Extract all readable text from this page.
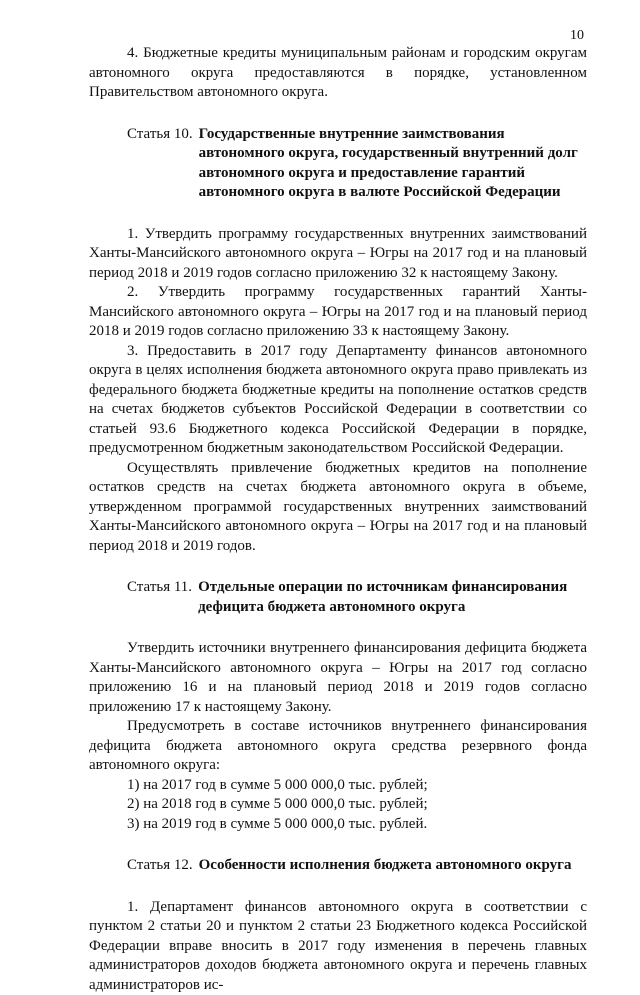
10

4. Бюджетные кредиты муниципальным районам и городским округам автономного округа предоставляются в порядке, установленном Правительством автономного округа.

Статья 10. Государственные внутренние заимствования автономного округа, государственный внутренний долг автономного округа и предоставление гарантий автономного округа в валюте Российской Федерации

1. Утвердить программу государственных внутренних заимствований Ханты-Мансийского автономного округа – Югры на 2017 год и на плановый период 2018 и 2019 годов согласно приложению 32 к настоящему Закону.

2. Утвердить программу государственных гарантий Ханты-Мансийского автономного округа – Югры на 2017 год и на плановый период 2018 и 2019 годов согласно приложению 33 к настоящему Закону.

3. Предоставить в 2017 году Департаменту финансов автономного округа в целях исполнения бюджета автономного округа право привлекать из федерального бюджета бюджетные кредиты на пополнение остатков средств на счетах бюджетов субъектов Российской Федерации в соответствии со статьей 93.6 Бюджетного кодекса Российской Федерации в порядке, предусмотренном бюджетным законодательством Российской Федерации.

Осуществлять привлечение бюджетных кредитов на пополнение остатков средств на счетах бюджета автономного округа в объеме, утвержденном программой государственных внутренних заимствований Ханты-Мансийского автономного округа – Югры на 2017 год и на плановый период 2018 и 2019 годов.

Статья 11. Отдельные операции по источникам финансирования дефицита бюджета автономного округа

Утвердить источники внутреннего финансирования дефицита бюджета Ханты-Мансийского автономного округа – Югры на 2017 год согласно приложению 16 и на плановый период 2018 и 2019 годов согласно приложению 17 к настоящему Закону.

Предусмотреть в составе источников внутреннего финансирования дефицита бюджета автономного округа средства резервного фонда автономного округа:

1) на 2017 год в сумме 5 000 000,0 тыс. рублей;

2) на 2018 год в сумме 5 000 000,0 тыс. рублей;

3) на 2019 год в сумме 5 000 000,0 тыс. рублей.

Статья 12. Особенности исполнения бюджета автономного округа

1. Департамент финансов автономного округа в соответствии с пунктом 2 статьи 20 и пунктом 2 статьи 23 Бюджетного кодекса Российской Федерации вправе вносить в 2017 году изменения в перечень главных администраторов доходов бюджета автономного округа и перечень главных администраторов ис-
